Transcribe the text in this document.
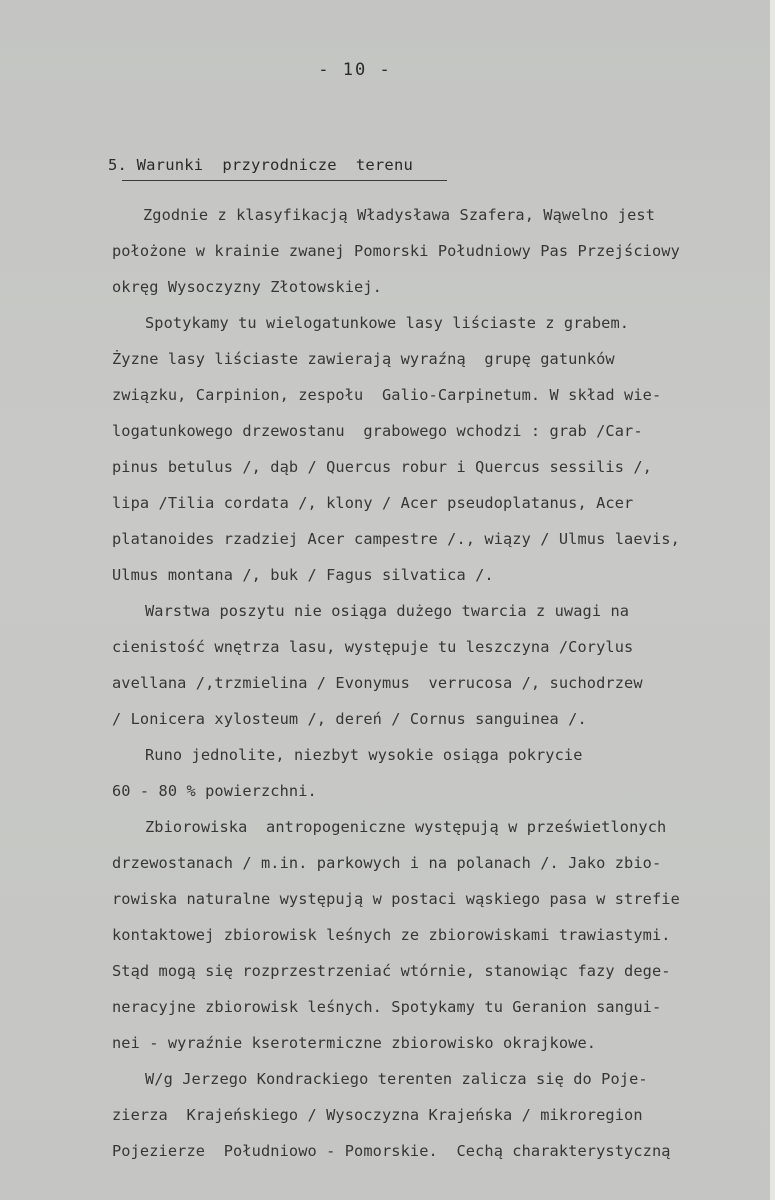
- 10 -
5. Warunki  przyrodnicze  terenu
Zgodnie z klasyfikacją Władysława Szafera, Wąwelno jest
położone w krainie zwanej Pomorski Południowy Pas Przejściowy
okręg Wysoczyzny Złotowskiej.
Spotykamy tu wielogatunkowe lasy liściaste z grabem.
Żyzne lasy liściaste zawierają wyraźną  grupę gatunków
związku, Carpinion, zespołu  Galio-Carpinetum. W skład wie-
logatunkowego drzewostanu  grabowego wchodzi : grab /Car-
pinus betulus /, dąb / Quercus robur i Quercus sessilis /,
lipa /Tilia cordata /, klony / Acer pseudoplatanus, Acer
platanoides rzadziej Acer campestre /., wiązy / Ulmus laevis,
Ulmus montana /, buk / Fagus silvatica /.
Warstwa poszytu nie osiąga dużego twarcia z uwagi na
cienistość wnętrza lasu, występuje tu leszczyna /Corylus
avellana /,trzmielina / Evonymus  verrucosa /, suchodrzew
/ Lonicera xylosteum /, dereń / Cornus sanguinea /.
Runo jednolite, niezbyt wysokie osiąga pokrycie
60 - 80 % powierzchni.
Zbiorowiska  antropogeniczne występują w prześwietlonych
drzewostanach / m.in. parkowych i na polanach /. Jako zbio-
rowiska naturalne występują w postaci wąskiego pasa w strefie
kontaktowej zbiorowisk leśnych ze zbiorowiskami trawiastymi.
Stąd mogą się rozprzestrzeniać wtórnie, stanowiąc fazy dege-
neracyjne zbiorowisk leśnych. Spotykamy tu Geranion sangui-
nei - wyraźnie kserotermiczne zbiorowisko okrajkowe.
W/g Jerzego Kondrackiego terenten zalicza się do Poje-
zierza  Krajeńskiego / Wysoczyzna Krajeńska / mikroregion
Pojezierze  Południowo - Pomorskie.  Cechą charakterystyczną
